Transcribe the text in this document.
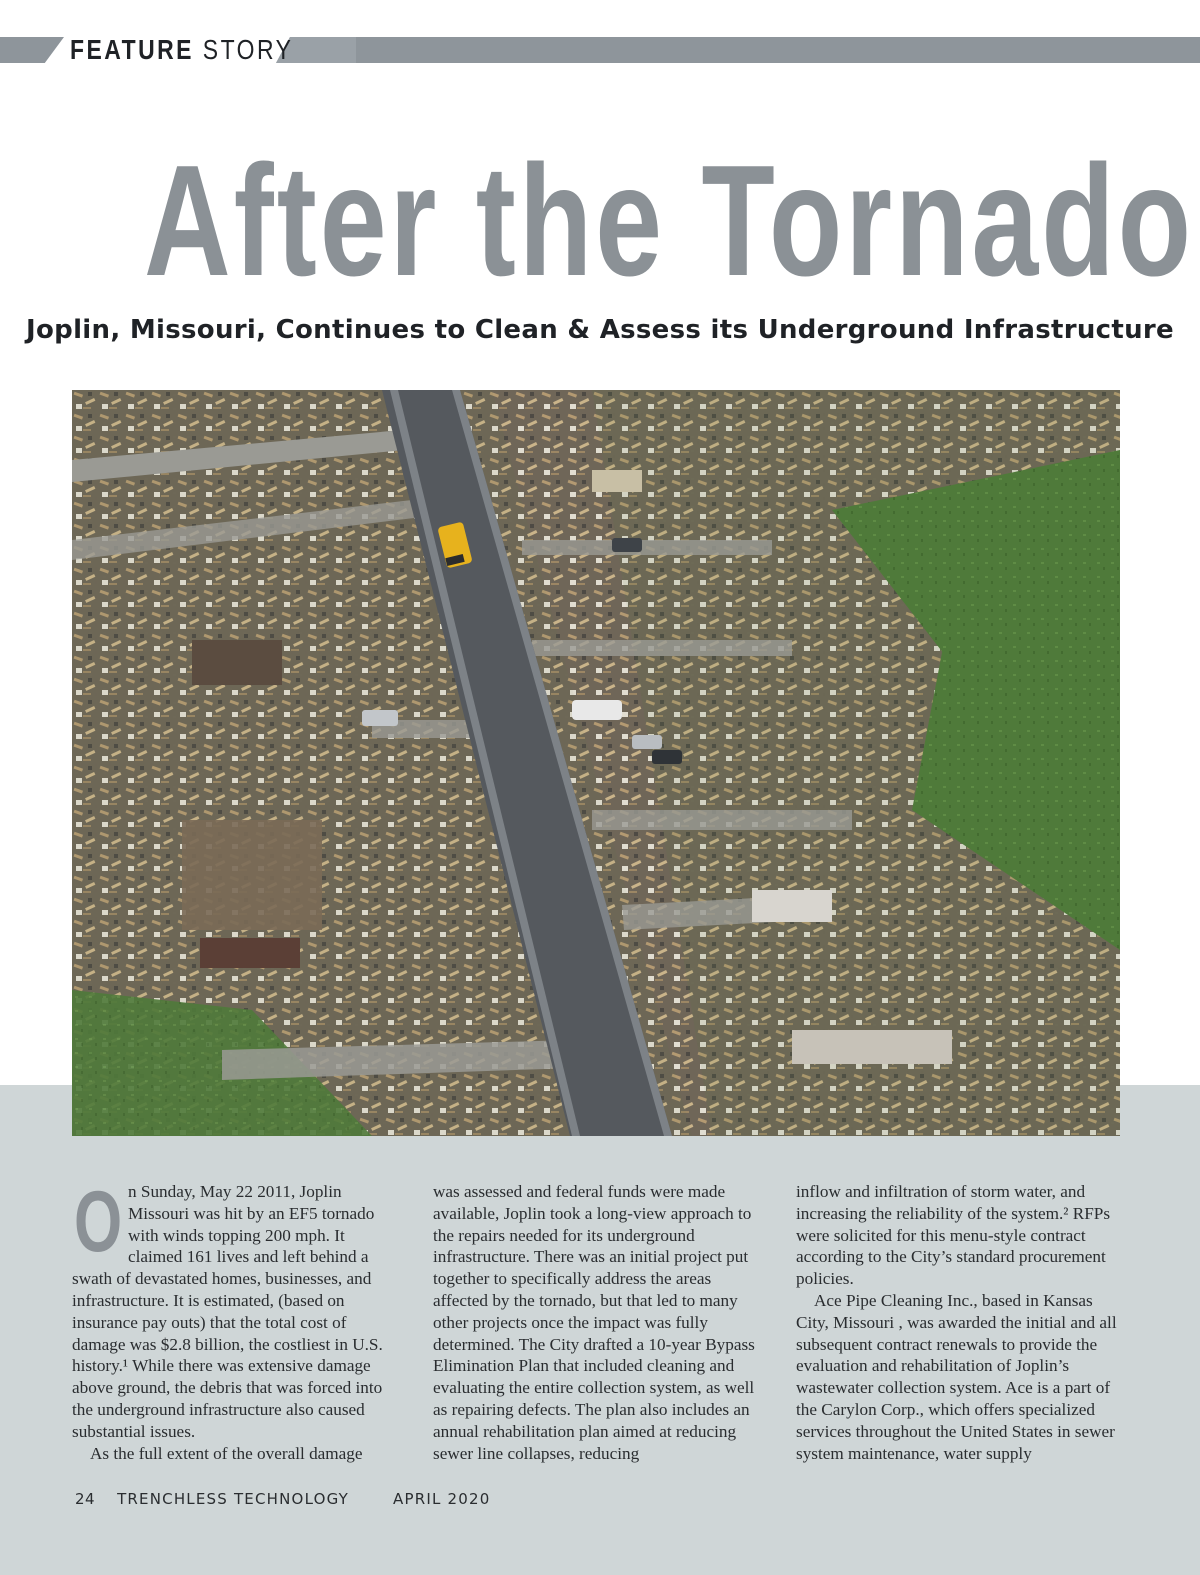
FEATURE STORY
After the Tornado
Joplin, Missouri, Continues to Clean & Assess its Underground Infrastructure
O n Sunday, May 22 2011, Joplin Missouri was hit by an EF5 tornado with winds topping 200 mph. It claimed 161 lives and left behind a swath of devastated homes, businesses, and infrastructure. It is estimated, (based on insurance pay outs) that the total cost of damage was $2.8 billion, the costliest in U.S. history.¹ While there was extensive damage above ground, the debris that was forced into the underground infrastructure also caused substantial issues.

As the full extent of the overall damage

was assessed and federal funds were made available, Joplin took a long-view approach to the repairs needed for its underground infrastructure. There was an initial project put together to specifically address the areas affected by the tornado, but that led to many other projects once the impact was fully determined. The City drafted a 10-year Bypass Elimination Plan that included cleaning and evaluating the entire collection system, as well as repairing defects. The plan also includes an annual rehabilitation plan aimed at reducing sewer line collapses, reducing

inflow and infiltration of storm water, and increasing the reliability of the system.² RFPs were solicited for this menu-style contract according to the City’s standard procurement policies.

Ace Pipe Cleaning Inc., based in Kansas City, Missouri , was awarded the initial and all subsequent contract renewals to provide the evaluation and rehabilitation of Joplin’s wastewater collection system. Ace is a part of the Carylon Corp., which offers specialized services throughout the United States in sewer system maintenance, water supply

24 TRENCHLESS TECHNOLOGY	APRIL 2020
